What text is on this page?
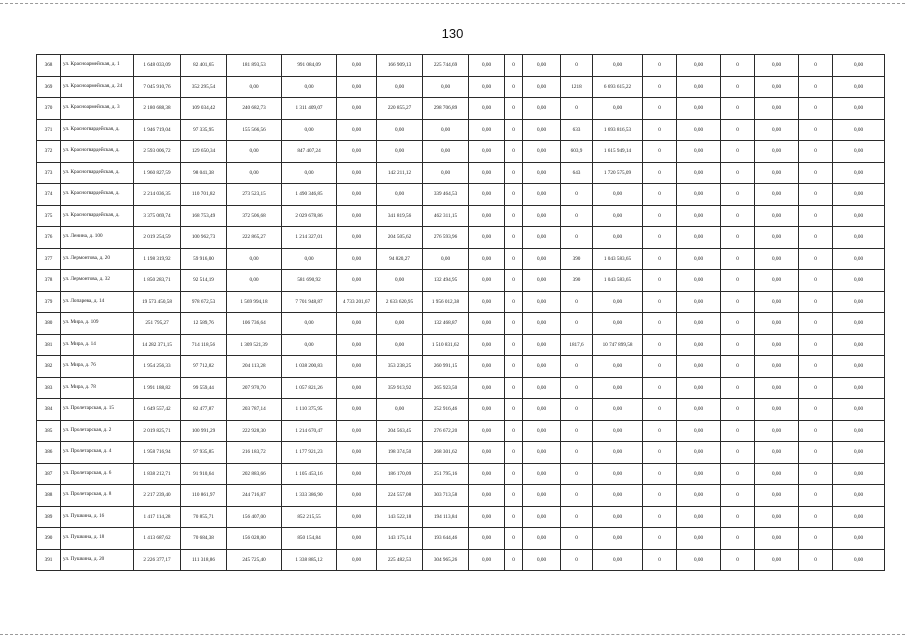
130
368	ул. Красноармейская, д. 1	1 648 033,09	82 401,65	181 893,53	991 084,09	0,00	166 909,13	225 744,69	0,00	0	0,00	0	0,00	0	0,00	0	0,00	0	0,00
369	ул. Красноармейская, д. 24	7 045 910,76	352 295,54	0,00	0,00	0,00	0,00	0,00	0,00	0	0,00	1218	6 693 615,22	0	0,00	0	0,00	0	0,00
370	ул. Красноармейская, д. 3	2 180 688,38	109 034,42	240 682,73	1 311 409,07	0,00	220 855,27	298 706,89	0,00	0	0,00	0	0,00	0	0,00	0	0,00	0	0,00
371	ул. Красногвардейская, д.	1 946 719,04	97 335,95	155 566,56	0,00	0,00	0,00	0,00	0,00	0	0,00	633	1 693 816,53	0	0,00	0	0,00	0	0,00
372	ул. Красногвардейская, д.	2 593 006,72	129 650,34	0,00	847 407,24	0,00	0,00	0,00	0,00	0	0,00	603,9	1 615 949,14	0	0,00	0	0,00	0	0,00
373	ул. Красногвардейская, д.	1 960 827,59	98 041,38	0,00	0,00	0,00	142 211,12	0,00	0,00	0	0,00	643	1 720 575,09	0	0,00	0	0,00	0	0,00
374	ул. Красногвардейская, д.	2 214 036,35	110 701,82	273 523,15	1 490 346,85	0,00	0,00	339 464,53	0,00	0	0,00	0	0,00	0	0,00	0	0,00	0	0,00
375	ул. Красногвардейская, д.	3 375 069,74	168 753,49	372 506,68	2 029 678,86	0,00	341 819,56	462 311,15	0,00	0	0,00	0	0,00	0	0,00	0	0,00	0	0,00
376	ул. Ленина, д. 100	2 019 254,59	100 962,73	222 865,27	1 214 327,01	0,00	204 505,62	276 593,96	0,00	0	0,00	0	0,00	0	0,00	0	0,00	0	0,00
377	ул. Лермонтова, д. 20	1 198 319,92	59 916,00	0,00	0,00	0,00	94 820,27	0,00	0,00	0	0,00	390	1 043 583,65	0	0,00	0	0,00	0	0,00
378	ул. Лермонтова, д. 32	1 850 283,71	92 514,19	0,00	581 690,92	0,00	0,00	132 494,95	0,00	0	0,00	390	1 043 583,65	0	0,00	0	0,00	0	0,00
379	ул. Лопарева, д. 14	19 573 450,58	978 672,53	1 569 994,18	7 701 948,87	4 733 201,67	2 633 620,95	1 956 012,38	0,00	0	0,00	0	0,00	0	0,00	0	0,00	0	0,00
380	ул. Мира, д. 109	251 795,27	12 589,76	106 736,64	0,00	0,00	0,00	132 468,87	0,00	0	0,00	0	0,00	0	0,00	0	0,00	0	0,00
381	ул. Мира, д. 14	14 282 371,15	714 118,56	1 309 521,39	0,00	0,00	0,00	1 510 831,62	0,00	0	0,00	1817,6	10 747 899,58	0	0,00	0	0,00	0	0,00
382	ул. Мира, д. 76	1 954 256,33	97 712,82	204 113,28	1 038 200,83	0,00	353 238,25	260 991,15	0,00	0	0,00	0	0,00	0	0,00	0	0,00	0	0,00
383	ул. Мира, д. 78	1 991 188,82	99 559,44	207 970,70	1 057 821,26	0,00	359 913,92	265 923,50	0,00	0	0,00	0	0,00	0	0,00	0	0,00	0	0,00
384	ул. Пролетарская, д. 15	1 649 557,42	82 477,87	203 787,14	1 110 375,95	0,00	0,00	252 916,46	0,00	0	0,00	0	0,00	0	0,00	0	0,00	0	0,00
385	ул. Пролетарская, д. 2	2 019 825,71	100 991,29	222 928,30	1 214 670,47	0,00	204 563,45	276 672,20	0,00	0	0,00	0	0,00	0	0,00	0	0,00	0	0,00
386	ул. Пролетарская, д. 4	1 958 716,94	97 935,85	216 183,72	1 177 921,23	0,00	198 374,50	268 301,62	0,00	0	0,00	0	0,00	0	0,00	0	0,00	0	0,00
387	ул. Пролетарская, д. 6	1 838 212,71	91 910,64	202 883,66	1 105 453,16	0,00	186 170,09	251 795,16	0,00	0	0,00	0	0,00	0	0,00	0	0,00	0	0,00
388	ул. Пролетарская, д. 8	2 217 239,40	110 861,97	244 716,87	1 333 386,90	0,00	224 557,08	303 713,58	0,00	0	0,00	0	0,00	0	0,00	0	0,00	0	0,00
389	ул. Пушкина, д. 16	1 417 114,28	70 855,71	156 407,00	852 215,55	0,00	143 522,18	194 113,84	0,00	0	0,00	0	0,00	0	0,00	0	0,00	0	0,00
390	ул. Пушкина, д. 18	1 413 687,62	70 684,38	156 028,80	850 154,84	0,00	143 175,14	193 644,46	0,00	0	0,00	0	0,00	0	0,00	0	0,00	0	0,00
391	ул. Пушкина, д. 20	2 226 377,17	111 318,86	245 725,40	1 338 885,12	0,00	225 482,53	304 965,26	0,00	0	0,00	0	0,00	0	0,00	0	0,00	0	0,00
